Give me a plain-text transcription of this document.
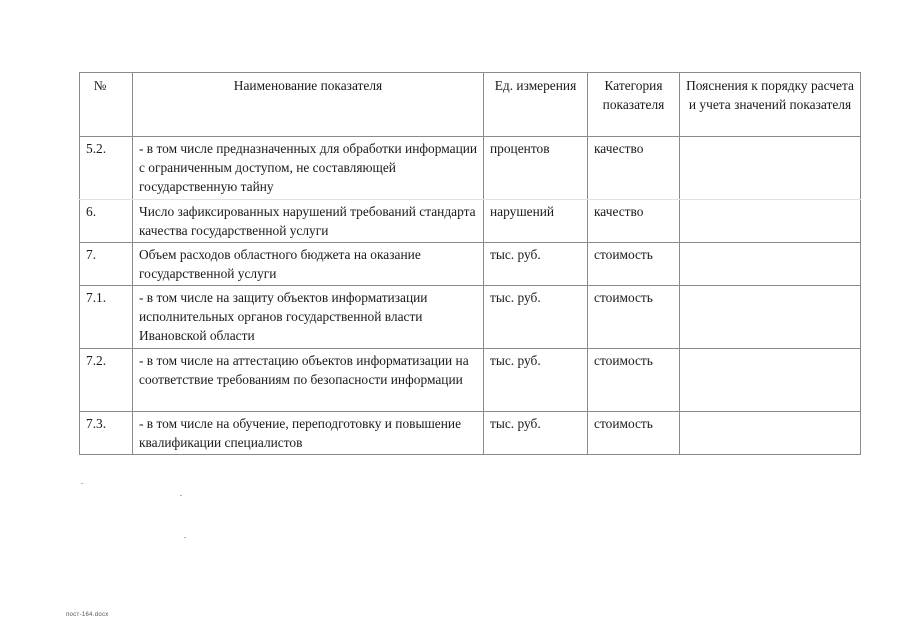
№	Наименование показателя	Ед. измерения	Категория показателя	Пояснения к порядку расчета и учета значений показателя
5.2.	- в том числе предназначенных для обработки информации с ограниченным доступом, не составляющей государственную тайну	процентов	качество	
6.	Число зафиксированных нарушений требований стандарта качества государственной услуги	нарушений	качество	
7.	Объем расходов областного бюджета на оказание государственной услуги	тыс. руб.	стоимость	
7.1.	- в том числе на защиту объектов информатизации исполнительных органов государственной власти Ивановской области	тыс. руб.	стоимость	
7.2.	- в том числе на аттестацию объектов информатизации на соответствие требованиям по безопасности информации	тыс. руб.	стоимость	
7.3.	- в том числе на обучение, переподготовку и повышение квалификации специалистов	тыс. руб.	стоимость	
пост-164.docx
